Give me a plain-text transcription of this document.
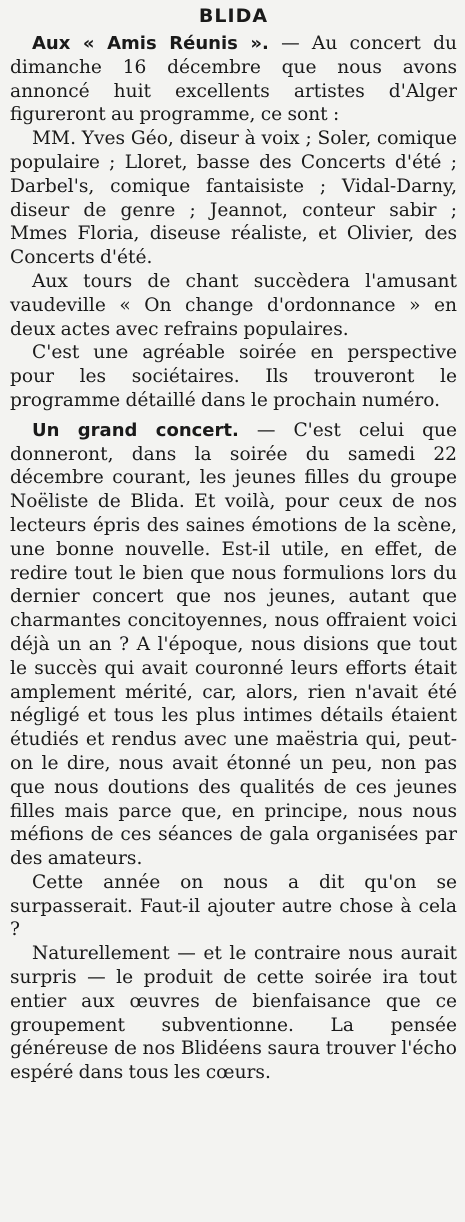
BLIDA

Aux « Amis Réunis ». — Au concert du dimanche 16 décembre que nous avons annoncé huit excellents artistes d'Alger figureront au programme, ce sont :

MM. Yves Géo, diseur à voix ; Soler, comique populaire ; Lloret, basse des Concerts d'été ; Darbel's, comique fantaisiste ; Vidal-Darny, diseur de genre ; Jeannot, conteur sabir ; Mmes Floria, diseuse réaliste, et Olivier, des Concerts d'été.

Aux tours de chant succèdera l'amusant vaudeville « On change d'ordonnance » en deux actes avec refrains populaires.

C'est une agréable soirée en perspective pour les sociétaires. Ils trouveront le programme détaillé dans le prochain numéro.

Un grand concert. — C'est celui que donneront, dans la soirée du samedi 22 décembre courant, les jeunes filles du groupe Noëliste de Blida. Et voilà, pour ceux de nos lecteurs épris des saines émotions de la scène, une bonne nouvelle. Est-il utile, en effet, de redire tout le bien que nous formulions lors du dernier concert que nos jeunes, autant que charmantes concitoyennes, nous offraient voici déjà un an ? A l'époque, nous disions que tout le succès qui avait couronné leurs efforts était amplement mérité, car, alors, rien n'avait été négligé et tous les plus intimes détails étaient étudiés et rendus avec une maëstria qui, peut-on le dire, nous avait étonné un peu, non pas que nous doutions des qualités de ces jeunes filles mais parce que, en principe, nous nous méfions de ces séances de gala organisées par des amateurs.

Cette année on nous a dit qu'on se surpasserait. Faut-il ajouter autre chose à cela ?

Naturellement — et le contraire nous aurait surpris — le produit de cette soirée ira tout entier aux œuvres de bienfaisance que ce groupement subventionne. La pensée généreuse de nos Blidéens saura trouver l'écho espéré dans tous les cœurs.
